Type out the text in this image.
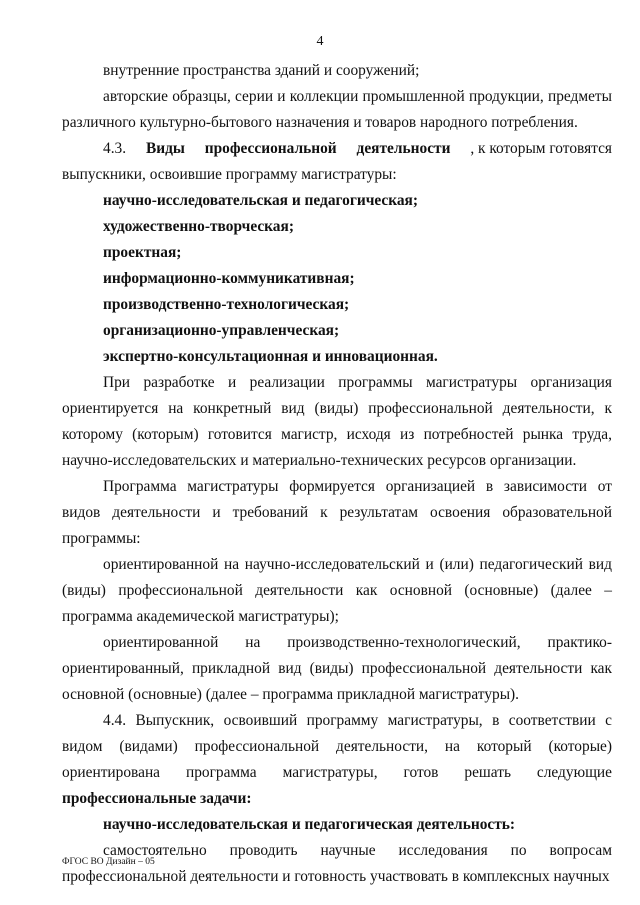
4

внутренние пространства зданий и сооружений;

авторские образцы, серии и коллекции промышленной продукции, предметы

различного культурно-бытового назначения и товаров народного потребления.

4.3. Виды профессиональной деятельности , к которым готовятся

выпускники, освоившие программу магистратуры:

научно-исследовательская и педагогическая;

художественно-творческая;

проектная;

информационно-коммуникативная;

производственно-технологическая;

организационно-управленческая;

экспертно-консультационная и инновационная.

При разработке и реализации программы магистратуры организация ориентируется на конкретный вид (виды) профессиональной деятельности, к которому (которым) готовится магистр, исходя из потребностей рынка труда, научно-исследовательских и материально-технических ресурсов организации.

Программа магистратуры формируется организацией в зависимости от видов деятельности и требований к результатам освоения образовательной программы:

ориентированной на научно-исследовательский и (или) педагогический вид (виды) профессиональной деятельности как основной (основные) (далее – программа академической магистратуры);

ориентированной на производственно-технологический, практико-ориентированный, прикладной вид (виды) профессиональной деятельности как основной (основные) (далее – программа прикладной магистратуры).

4.4. Выпускник, освоивший программу магистратуры, в соответствии с видом (видами) профессиональной деятельности, на который (которые) ориентирована программа магистратуры, готов решать следующие профессиональные задачи:

научно-исследовательская и педагогическая деятельность:

самостоятельно проводить научные исследования по вопросам профессиональной деятельности и готовность участвовать в комплексных научных

ФГОС ВО Дизайн – 05
